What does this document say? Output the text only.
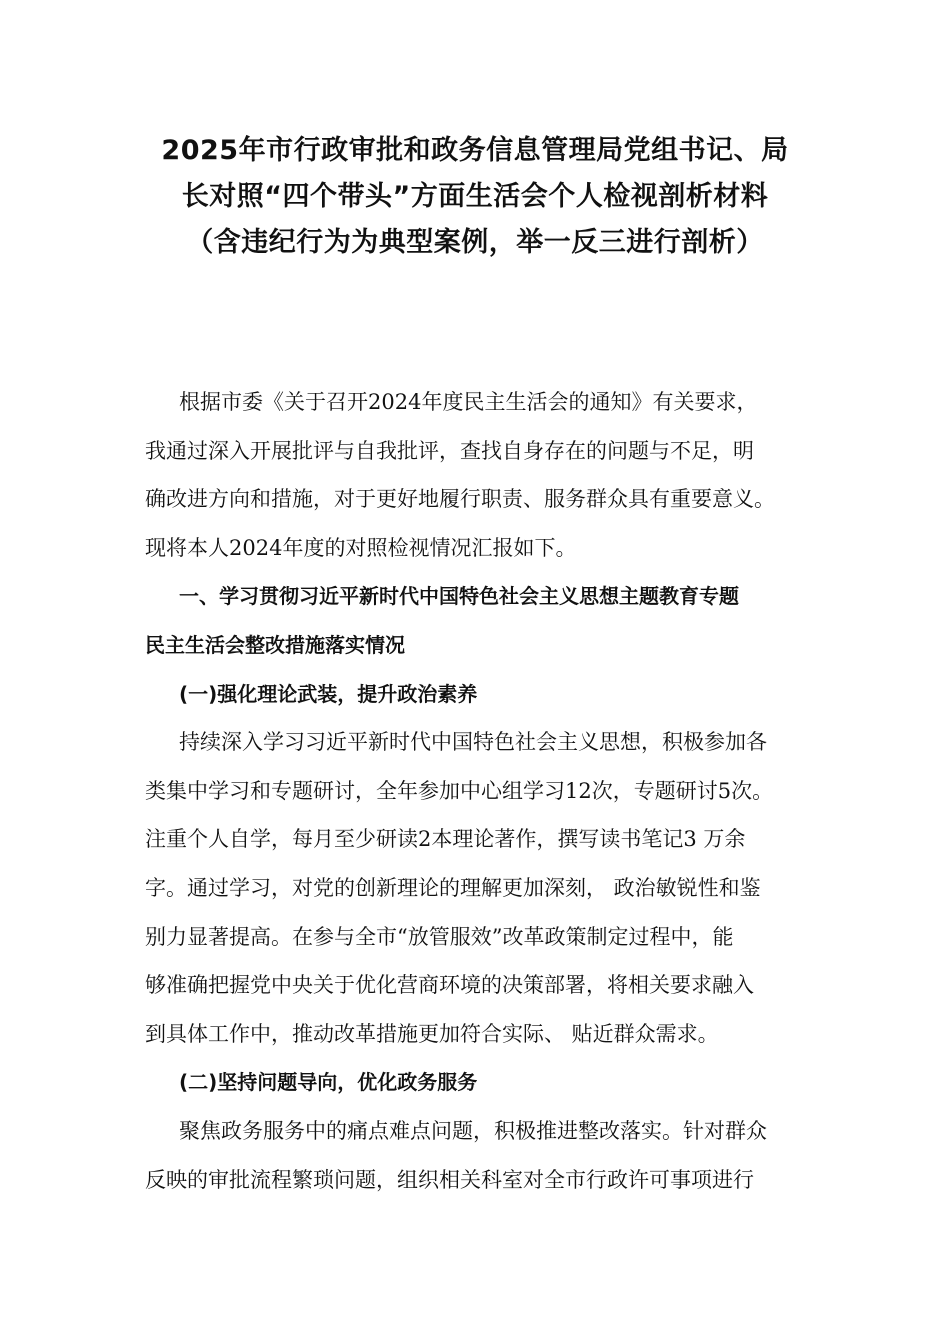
2025年市行政审批和政务信息管理局党组书记、局
长对照“四个带头”方面生活会个人检视剖析材料
（含违纪行为为典型案例，举一反三进行剖析）
根据市委《关于召开2024年度民主生活会的通知》有关要求，
我通过深入开展批评与自我批评，查找自身存在的问题与不足，明
确改进方向和措施，对于更好地履行职责、服务群众具有重要意义。
现将本人2024年度的对照检视情况汇报如下。
一、学习贯彻习近平新时代中国特色社会主义思想主题教育专题
民主生活会整改措施落实情况
(一)强化理论武装，提升政治素养
持续深入学习习近平新时代中国特色社会主义思想，积极参加各
类集中学习和专题研讨，全年参加中心组学习12次，专题研讨5次。
注重个人自学，每月至少研读2本理论著作，撰写读书笔记3 万余
字。通过学习，对党的创新理论的理解更加深刻， 政治敏锐性和鉴
别力显著提高。在参与全市“放管服效”改革政策制定过程中，能
够准确把握党中央关于优化营商环境的决策部署，将相关要求融入
到具体工作中，推动改革措施更加符合实际、 贴近群众需求。
(二)坚持问题导向，优化政务服务
聚焦政务服务中的痛点难点问题，积极推进整改落实。针对群众
反映的审批流程繁琐问题，组织相关科室对全市行政许可事项进行
